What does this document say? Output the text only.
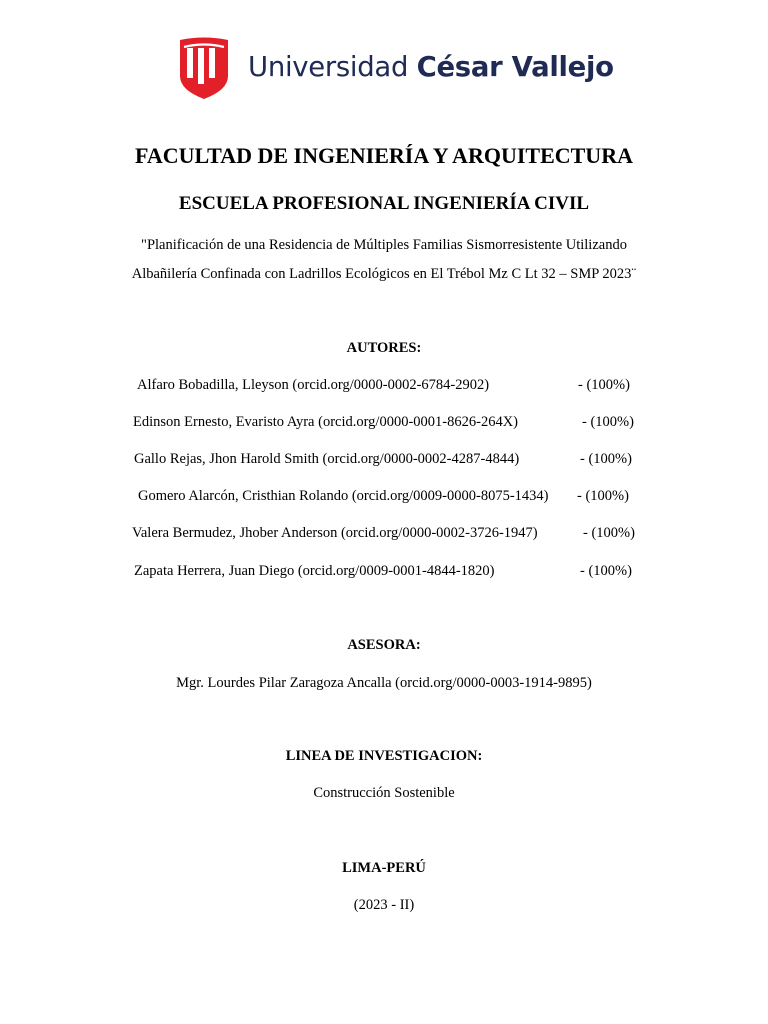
Universidad César Vallejo
FACULTAD DE INGENIERÍA Y ARQUITECTURA
ESCUELA PROFESIONAL INGENIERÍA CIVIL
"Planificación de una Residencia de Múltiples Familias Sismorresistente Utilizando
Albañilería Confinada con Ladrillos Ecológicos en El Trébol Mz C Lt 32 – SMP 2023¨
AUTORES:
Alfaro Bobadilla, Lleyson (orcid.org/0000-0002-6784-2902)	- (100%)
Edinson Ernesto, Evaristo Ayra (orcid.org/0000-0001-8626-264X)	- (100%)
Gallo Rejas, Jhon Harold Smith (orcid.org/0000-0002-4287-4844)	- (100%)
Gomero Alarcón, Cristhian Rolando (orcid.org/0009-0000-8075-1434) - (100%)
Valera Bermudez, Jhober Anderson (orcid.org/0000-0002-3726-1947)	- (100%)
Zapata Herrera, Juan Diego (orcid.org/0009-0001-4844-1820)	- (100%)
ASESORA:
Mgr. Lourdes Pilar Zaragoza Ancalla (orcid.org/0000-0003-1914-9895)
LINEA DE INVESTIGACION:
Construcción Sostenible
LIMA-PERÚ
(2023 - II)
